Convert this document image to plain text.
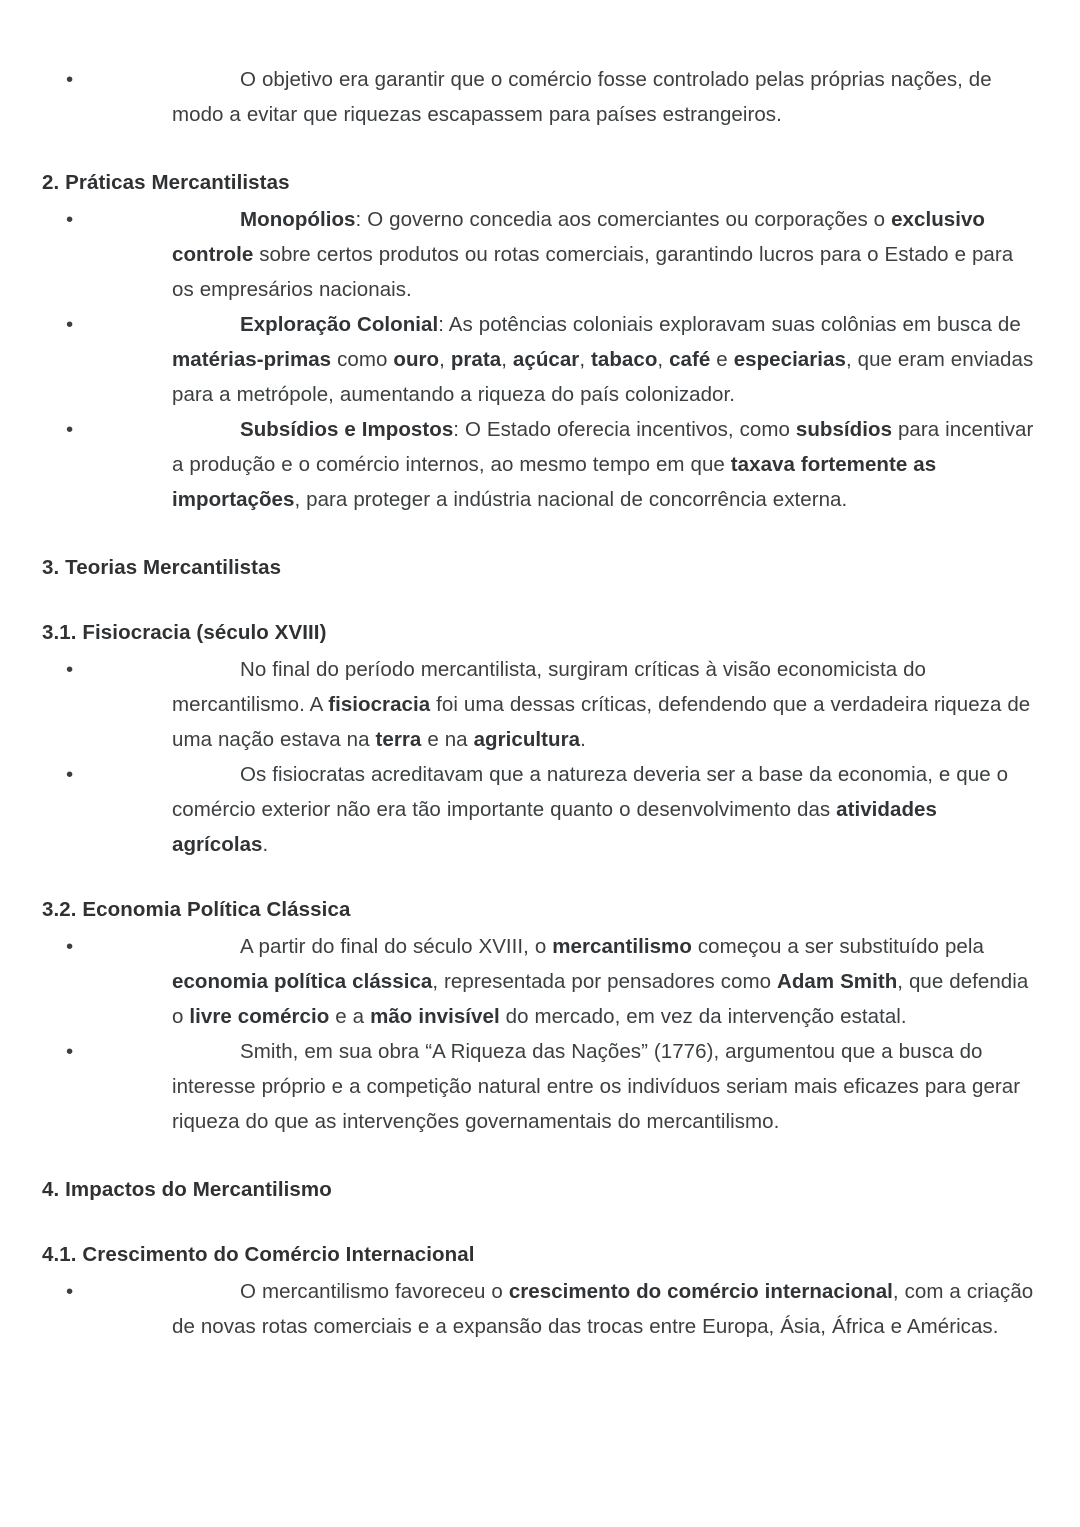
•	O objetivo era garantir que o comércio fosse controlado pelas próprias nações, de modo a evitar que riquezas escapassem para países estrangeiros.
2. Práticas Mercantilistas
•	Monopólios: O governo concedia aos comerciantes ou corporações o exclusivo controle sobre certos produtos ou rotas comerciais, garantindo lucros para o Estado e para os empresários nacionais.
•	Exploração Colonial: As potências coloniais exploravam suas colônias em busca de matérias-primas como ouro, prata, açúcar, tabaco, café e especiarias, que eram enviadas para a metrópole, aumentando a riqueza do país colonizador.
•	Subsídios e Impostos: O Estado oferecia incentivos, como subsídios para incentivar a produção e o comércio internos, ao mesmo tempo em que taxava fortemente as importações, para proteger a indústria nacional de concorrência externa.
3. Teorias Mercantilistas
3.1. Fisiocracia (século XVIII)
•	No final do período mercantilista, surgiram críticas à visão economicista do mercantilismo. A fisiocracia foi uma dessas críticas, defendendo que a verdadeira riqueza de uma nação estava na terra e na agricultura.
•	Os fisiocratas acreditavam que a natureza deveria ser a base da economia, e que o comércio exterior não era tão importante quanto o desenvolvimento das atividades agrícolas.
3.2. Economia Política Clássica
•	A partir do final do século XVIII, o mercantilismo começou a ser substituído pela economia política clássica, representada por pensadores como Adam Smith, que defendia o livre comércio e a mão invisível do mercado, em vez da intervenção estatal.
•	Smith, em sua obra “A Riqueza das Nações” (1776), argumentou que a busca do interesse próprio e a competição natural entre os indivíduos seriam mais eficazes para gerar riqueza do que as intervenções governamentais do mercantilismo.
4. Impactos do Mercantilismo
4.1. Crescimento do Comércio Internacional
•	O mercantilismo favoreceu o crescimento do comércio internacional, com a criação de novas rotas comerciais e a expansão das trocas entre Europa, Ásia, África e Américas.
